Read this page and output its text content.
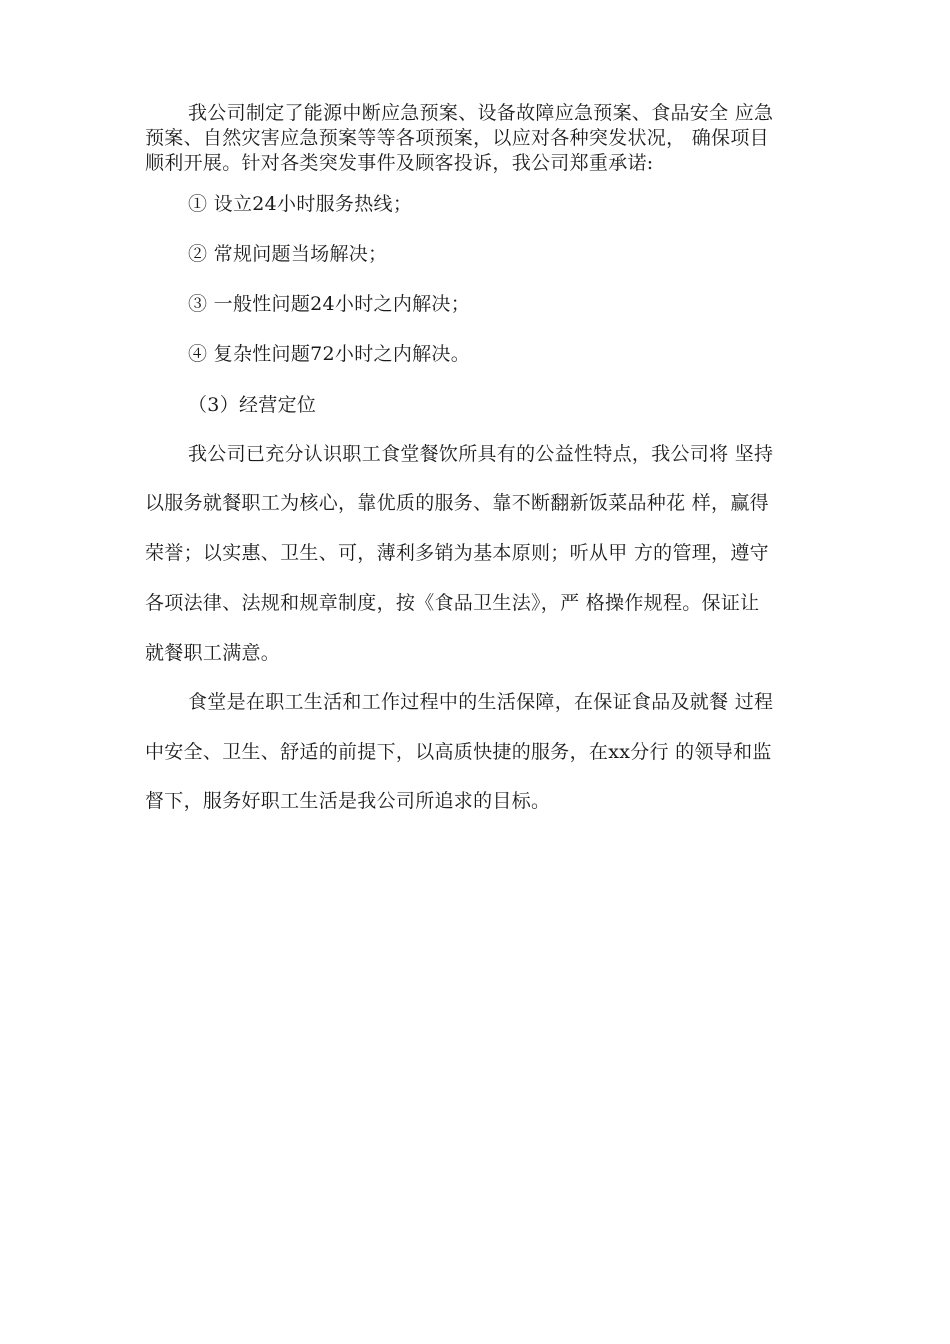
我公司制定了能源中断应急预案、设备故障应急预案、食品安全 应急
预案、自然灾害应急预案等等各项预案，以应对各种突发状况， 确保项目
顺利开展。针对各类突发事件及顾客投诉，我公司郑重承诺:
① 设立24小时服务热线；
② 常规问题当场解决；
③ 一般性问题24小时之内解决；
④ 复杂性问题72小时之内解决。
（3）经营定位
我公司已充分认识职工食堂餐饮所具有的公益性特点，我公司将 坚持
以服务就餐职工为核心，靠优质的服务、靠不断翻新饭菜品种花 样，赢得
荣誉；以实惠、卫生、可，薄利多销为基本原则；听从甲 方的管理，遵守
各项法律、法规和规章制度，按《食品卫生法》，严 格操作规程。保证让
就餐职工满意。
食堂是在职工生活和工作过程中的生活保障，在保证食品及就餐 过程
中安全、卫生、舒适的前提下，以高质快捷的服务，在xx分行 的领导和监
督下，服务好职工生活是我公司所追求的目标。
